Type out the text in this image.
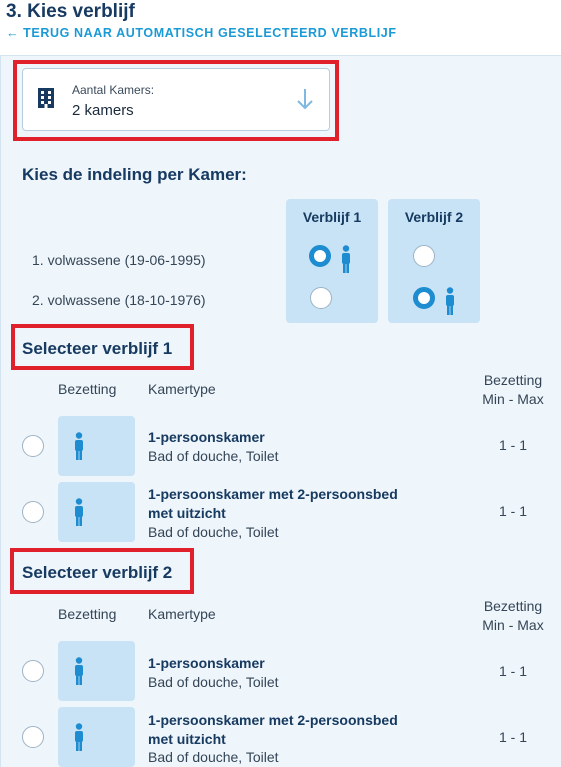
3. Kies verblijf
← TERUG NAAR AUTOMATISCH GESELECTEERD VERBLIJF
Aantal Kamers:
2 kamers
Kies de indeling per Kamer:
Verblijf 1	Verblijf 2
1. volwassene (19-06-1995)
2. volwassene (18-10-1976)
Selecteer verblijf 1
Bezetting Kamertype
Bezetting
Min - Max
1-persoonskamer
Bad of douche, Toilet
1 - 1
1-persoonskamer met 2-persoonsbed
met uitzicht
Bad of douche, Toilet
1 - 1
Selecteer verblijf 2
Bezetting Kamertype	Bezetting
Min - Max
1-persoonskamer
Bad of douche, Toilet
1 - 1
1-persoonskamer met 2-persoonsbed
met uitzicht
Bad of douche, Toilet
1 - 1
